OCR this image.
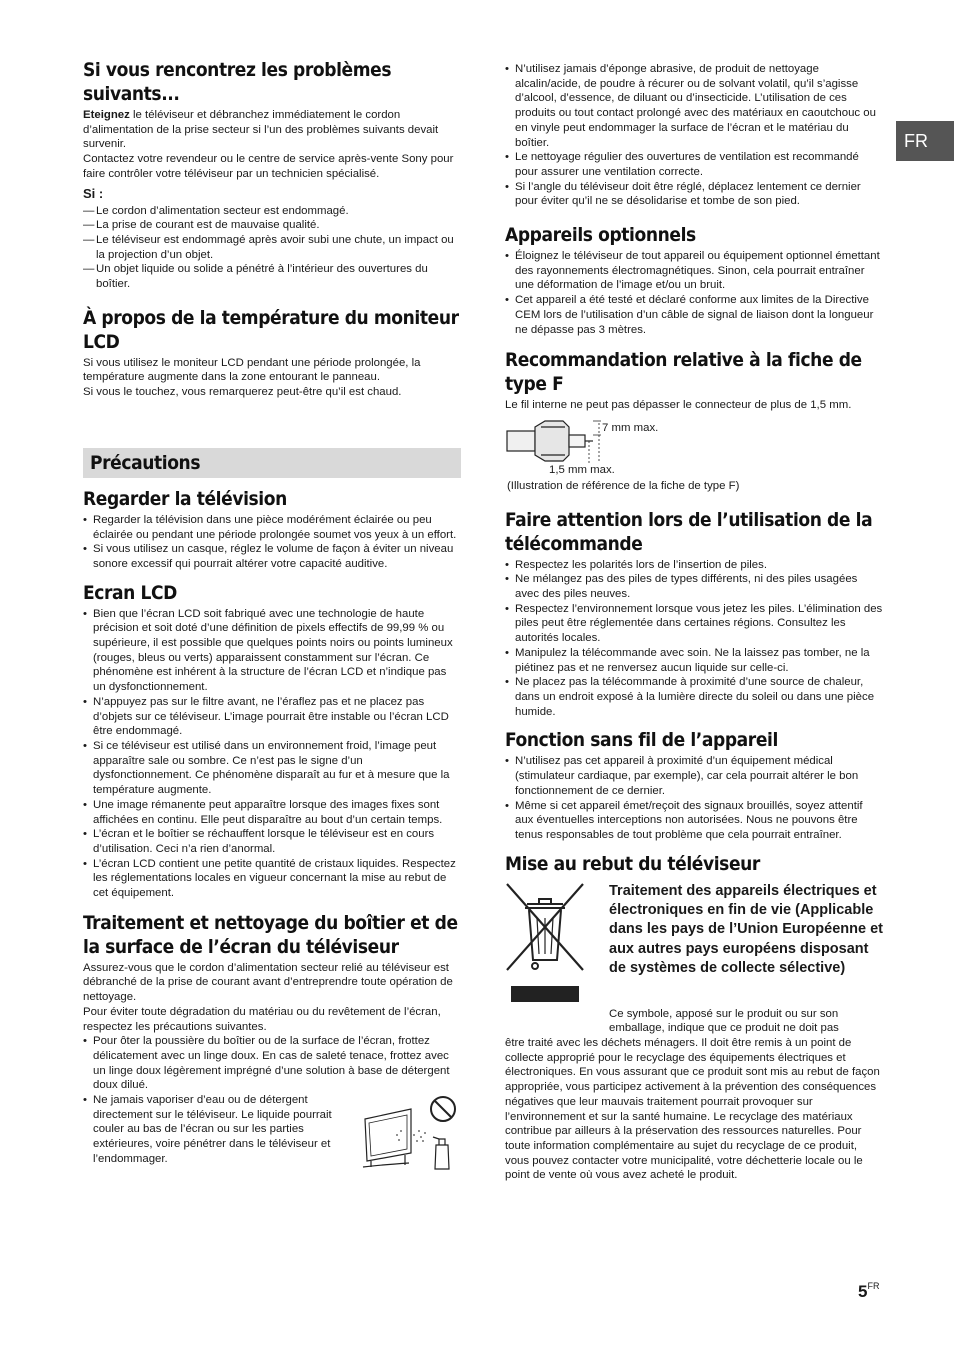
FR
Si vous rencontrez les problèmes suivants...

Eteignez le téléviseur et débranchez immédiatement le cordon d’alimentation de la prise secteur si l’un des problèmes suivants devait survenir.

Contactez votre revendeur ou le centre de service après-vente Sony pour faire contrôler votre téléviseur par un technicien spécialisé.

Si :
— Le cordon d’alimentation secteur est endommagé.
— La prise de courant est de mauvaise qualité.
— Le téléviseur est endommagé après avoir subi une chute, un impact ou la projection d’un objet.
— Un objet liquide ou solide a pénétré à l’intérieur des ouvertures du boîtier.
À propos de la température du moniteur LCD

Si vous utilisez le moniteur LCD pendant une période prolongée, la température augmente dans la zone entourant le panneau.

Si vous le touchez, vous remarquerez peut-être qu’il est chaud.

Précautions
Regarder la télévision
• Regarder la télévision dans une pièce modérément éclairée ou peu éclairée ou pendant une période prolongée soumet vos yeux à un effort.
• Si vous utilisez un casque, réglez le volume de façon à éviter un niveau sonore excessif qui pourrait altérer votre capacité auditive.
Ecran LCD
• Bien que l’écran LCD soit fabriqué avec une technologie de haute précision et soit doté d’une définition de pixels effectifs de 99,99 % ou supérieure, il est possible que quelques points noirs ou points lumineux (rouges, bleus ou verts) apparaissent constamment sur l’écran. Ce phénomène est inhérent à la structure de l’écran LCD et n’indique pas un dysfonctionnement.
• N’appuyez pas sur le filtre avant, ne l’éraflez pas et ne placez pas d’objets sur ce téléviseur. L’image pourrait être instable ou l’écran LCD être endommagé.
• Si ce téléviseur est utilisé dans un environnement froid, l’image peut apparaître sale ou sombre. Ce n’est pas le signe d’un dysfonctionnement. Ce phénomène disparaît au fur et à mesure que la température augmente.
• Une image rémanente peut apparaître lorsque des images fixes sont affichées en continu. Elle peut disparaître au bout d’un certain temps.
• L’écran et le boîtier se réchauffent lorsque le téléviseur est en cours d’utilisation. Ceci n’a rien d’anormal.
• L’écran LCD contient une petite quantité de cristaux liquides. Respectez les réglementations locales en vigueur concernant la mise au rebut de cet équipement.
Traitement et nettoyage du boîtier et de la surface de l’écran du téléviseur

Assurez-vous que le cordon d’alimentation secteur relié au téléviseur est débranché de la prise de courant avant d’entreprendre toute opération de nettoyage.

Pour éviter toute dégradation du matériau ou du revêtement de l’écran, respectez les précautions suivantes.

• Pour ôter la poussière du boîtier ou de la surface de l’écran, frottez délicatement avec un linge doux. En cas de saleté tenace, frottez avec un linge doux légèrement imprégné d’une solution à base de détergent doux dilué.
• Ne jamais vaporiser d’eau ou de détergent directement sur le téléviseur. Le liquide pourrait couler au bas de l’écran ou sur les parties extérieures, voire pénétrer dans le téléviseur et l’endommager.
• N’utilisez jamais d’éponge abrasive, de produit de nettoyage alcalin/acide, de poudre à récurer ou de solvant volatil, qu’il s’agisse d’alcool, d’essence, de diluant ou d’insecticide. L’utilisation de ces produits ou tout contact prolongé avec des matériaux en caoutchouc ou en vinyle peut endommager la surface de l’écran et le matériau du boîtier.
• Le nettoyage régulier des ouvertures de ventilation est recommandé pour assurer une ventilation correcte.
• Si l’angle du téléviseur doit être réglé, déplacez lentement ce dernier pour éviter qu’il ne se désolidarise et tombe de son pied.
Appareils optionnels
• Éloignez le téléviseur de tout appareil ou équipement optionnel émettant des rayonnements électromagnétiques. Sinon, cela pourrait entraîner une déformation de l’image et/ou un bruit.
• Cet appareil a été testé et déclaré conforme aux limites de la Directive CEM lors de l’utilisation d’un câble de signal de liaison dont la longueur ne dépasse pas 3 mètres.
Recommandation relative à la fiche de type F

Le fil interne ne peut pas dépasser le connecteur de plus de 1,5 mm.

7 mm max.
1,5 mm max.

(Illustration de référence de la fiche de type F)

Faire attention lors de l’utilisation de la télécommande
• Respectez les polarités lors de l’insertion de piles.
• Ne mélangez pas des piles de types différents, ni des piles usagées avec des piles neuves.
• Respectez l’environnement lorsque vous jetez les piles. L’élimination des piles peut être réglementée dans certaines régions. Consultez les autorités locales.
• Manipulez la télécommande avec soin. Ne la laissez pas tomber, ne la piétinez pas et ne renversez aucun liquide sur celle-ci.
• Ne placez pas la télécommande à proximité d’une source de chaleur, dans un endroit exposé à la lumière directe du soleil ou dans une pièce humide.
Fonction sans fil de l’appareil
• N’utilisez pas cet appareil à proximité d’un équipement médical (stimulateur cardiaque, par exemple), car cela pourrait altérer le bon fonctionnement de ce dernier.
• Même si cet appareil émet/reçoit des signaux brouillés, soyez attentif aux éventuelles interceptions non autorisées. Nous ne pouvons être tenus responsables de tout problème que cela pourrait entraîner.
Mise au rebut du téléviseur

Traitement des appareils électriques et électroniques en fin de vie (Applicable dans les pays de l’Union Européenne et aux autres pays européens disposant de systèmes de collecte sélective)

Ce symbole, apposé sur le produit ou sur son emballage, indique que ce produit ne doit pas

être traité avec les déchets ménagers. Il doit être remis à un point de collecte approprié pour le recyclage des équipements électriques et électroniques. En vous assurant que ce produit sont mis au rebut de façon appropriée, vous participez activement à la prévention des conséquences négatives que leur mauvais traitement pourrait provoquer sur l’environnement et sur la santé humaine. Le recyclage des matériaux contribue par ailleurs à la préservation des ressources naturelles. Pour toute information complémentaire au sujet du recyclage de ce produit, vous pouvez contacter votre municipalité, votre déchetterie locale ou le point de vente où vous avez acheté le produit.

$5^{FR}$
